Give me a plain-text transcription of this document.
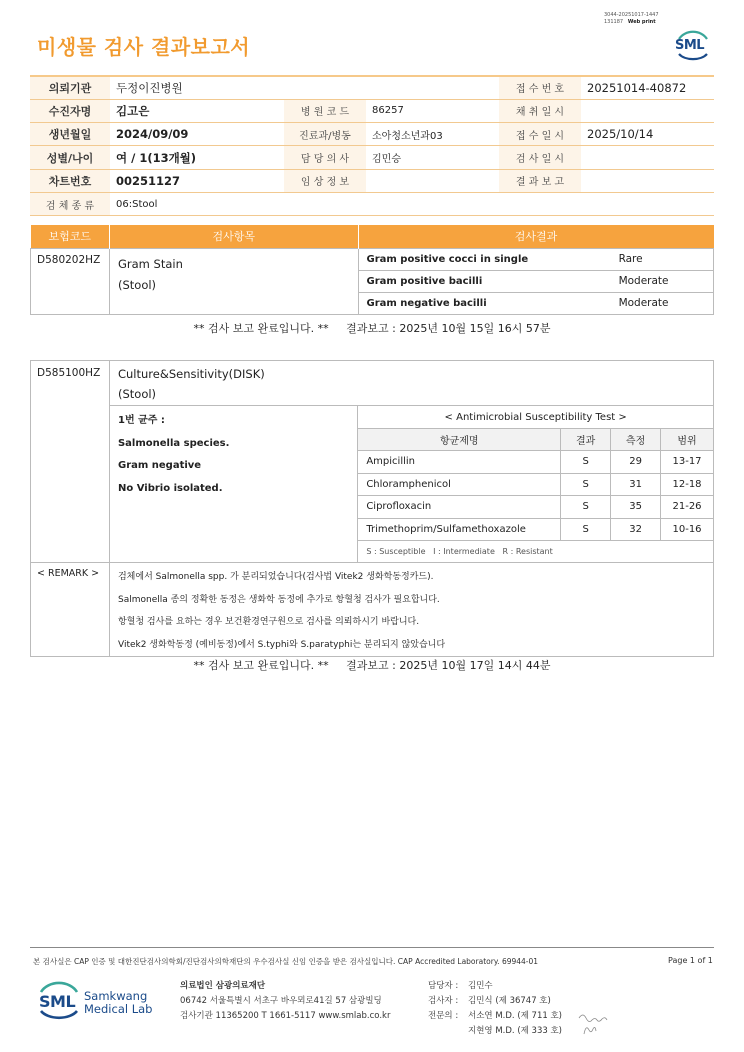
3044-20251017-1447
131187 Web print
미생물 검사 결과보고서	SML
의뢰기관	두정이진병원			접 수 번 호	20251014-40872
수진자명	김고은	병 원 코 드	86257	채 취 일 시	
생년월일	2024/09/09	진료과/병동	소아청소년과03	접 수 일 시	2025/10/14
성별/나이	여 / 1(13개월)	담 당 의 사	김민승	검 사 일 시	
차트번호	00251127	임 상 정 보		결 과 보 고	
검 체 종 류	06:Stool				
보험코드	검사항목	검사결과	
D580202HZ	Gram Stain
(Stool)	Gram positive cocci in single	Rare
		Gram positive bacilli	Moderate
		Gram negative bacilli	Moderate
** 검사 보고 완료입니다. **     결과보고 : 2025년 10월 15일 16시 57분
D585100HZ	Culture&Sensitivity(DISK)
(Stool)				

	1번 균주 :
Salmonella species.
Gram negative
No Vibrio isolated.	< Antimicrobial Susceptibility Test >			
		항균제명	결과	측정	범위
		Ampicillin	S	29	13-17
		Chloramphenicol	S	31	12-18
		Ciprofloxacin	S	35	21-26
		Trimethoprim/Sulfamethoxazole	S	32	10-16
		S : Susceptible   I : Intermediate   R : Resistant			
< REMARK >	검체에서 Salmonella spp. 가 분리되었습니다(검사법 Vitek2 생화학동정카드).
Salmonella 종의 정확한 동정은 생화학 동정에 추가로 항혈청 검사가 필요합니다.
항혈청 검사를 요하는 경우 보건환경연구원으로 검사를 의뢰하시기 바랍니다.
Vitek2 생화학동정 (예비동정)에서 S.typhi와 S.paratyphi는 분리되지 않았습니다				
** 검사 보고 완료입니다. **     결과보고 : 2025년 10월 17일 14시 44분
본 검사실은 CAP 인증 및 대한진단검사의학회/진단검사의학재단의 우수검사실 신임 인증을 받은 검사실입니다. CAP Accredited Laboratory. 69944-01	Page 1 of 1
SML Samkwang
Medical Lab
의료법인 삼광의료재단
06742 서울특별시 서초구 바우뫼로41길 57 삼광빌딩
검사기관 11365200 T 1661-5117 www.smlab.co.kr
담당자 : 김민수
검사자 : 김민식 (제 36747 호)
전문의 : 서소연 M.D. (제 711 호)
지현영 M.D. (제 333 호)
